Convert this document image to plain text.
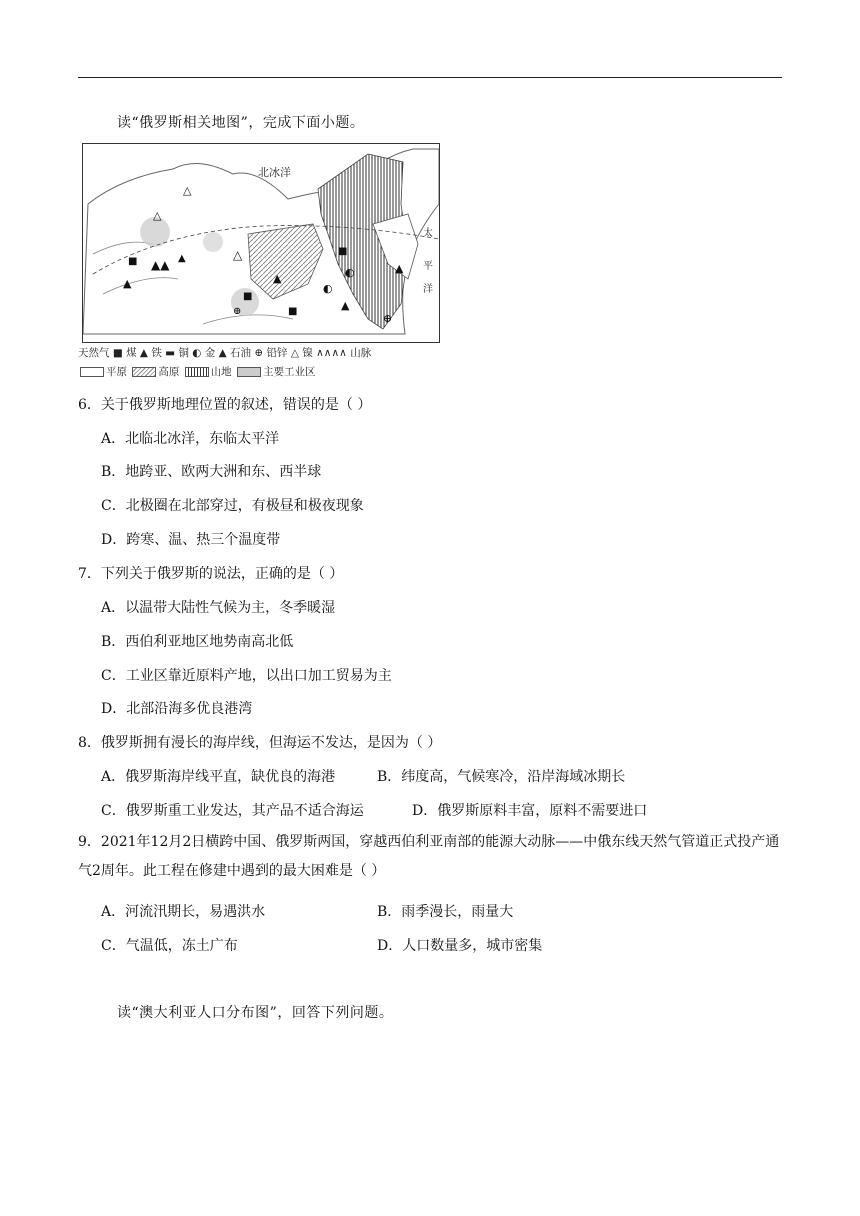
读“俄罗斯相关地图”，完成下面小题。
▲▲
■	▲
▲
△
▲
■
■
◐
◐
▲
■
▲
△
△
⊕
⊕
北冰洋
太
平
洋
天然气 ■ 煤 ▲ 铁 ▬ 铜 ◐ 金 ▲ 石油 ⊕ 铅锌 △ 镍 ∧∧∧∧ 山脉
平原	高原	山地	主要工业区
6．关于俄罗斯地理位置的叙述，错误的是（ ）
A．北临北冰洋，东临太平洋
B．地跨亚、欧两大洲和东、西半球
C．北极圈在北部穿过，有极昼和极夜现象
D．跨寒、温、热三个温度带
7．下列关于俄罗斯的说法，正确的是（ ）
A．以温带大陆性气候为主，冬季暖湿
B．西伯利亚地区地势南高北低
C．工业区靠近原料产地，以出口加工贸易为主
D．北部沿海多优良港湾
8．俄罗斯拥有漫长的海岸线，但海运不发达，是因为（ ）
A．俄罗斯海岸线平直，缺优良的海港	B．纬度高，气候寒冷，沿岸海域冰期长
C．俄罗斯重工业发达，其产品不适合海运	D．俄罗斯原料丰富，原料不需要进口
9．2021年12月2日横跨中国、俄罗斯两国，穿越西伯利亚南部的能源大动脉——中俄东线天然气管道正式投产通气2周年。此工程在修建中遇到的最大困难是（ ）
A．河流汛期长，易遇洪水	B．雨季漫长，雨量大
C．气温低，冻土广布	D．人口数量多，城市密集
读“澳大利亚人口分布图”，回答下列问题。
